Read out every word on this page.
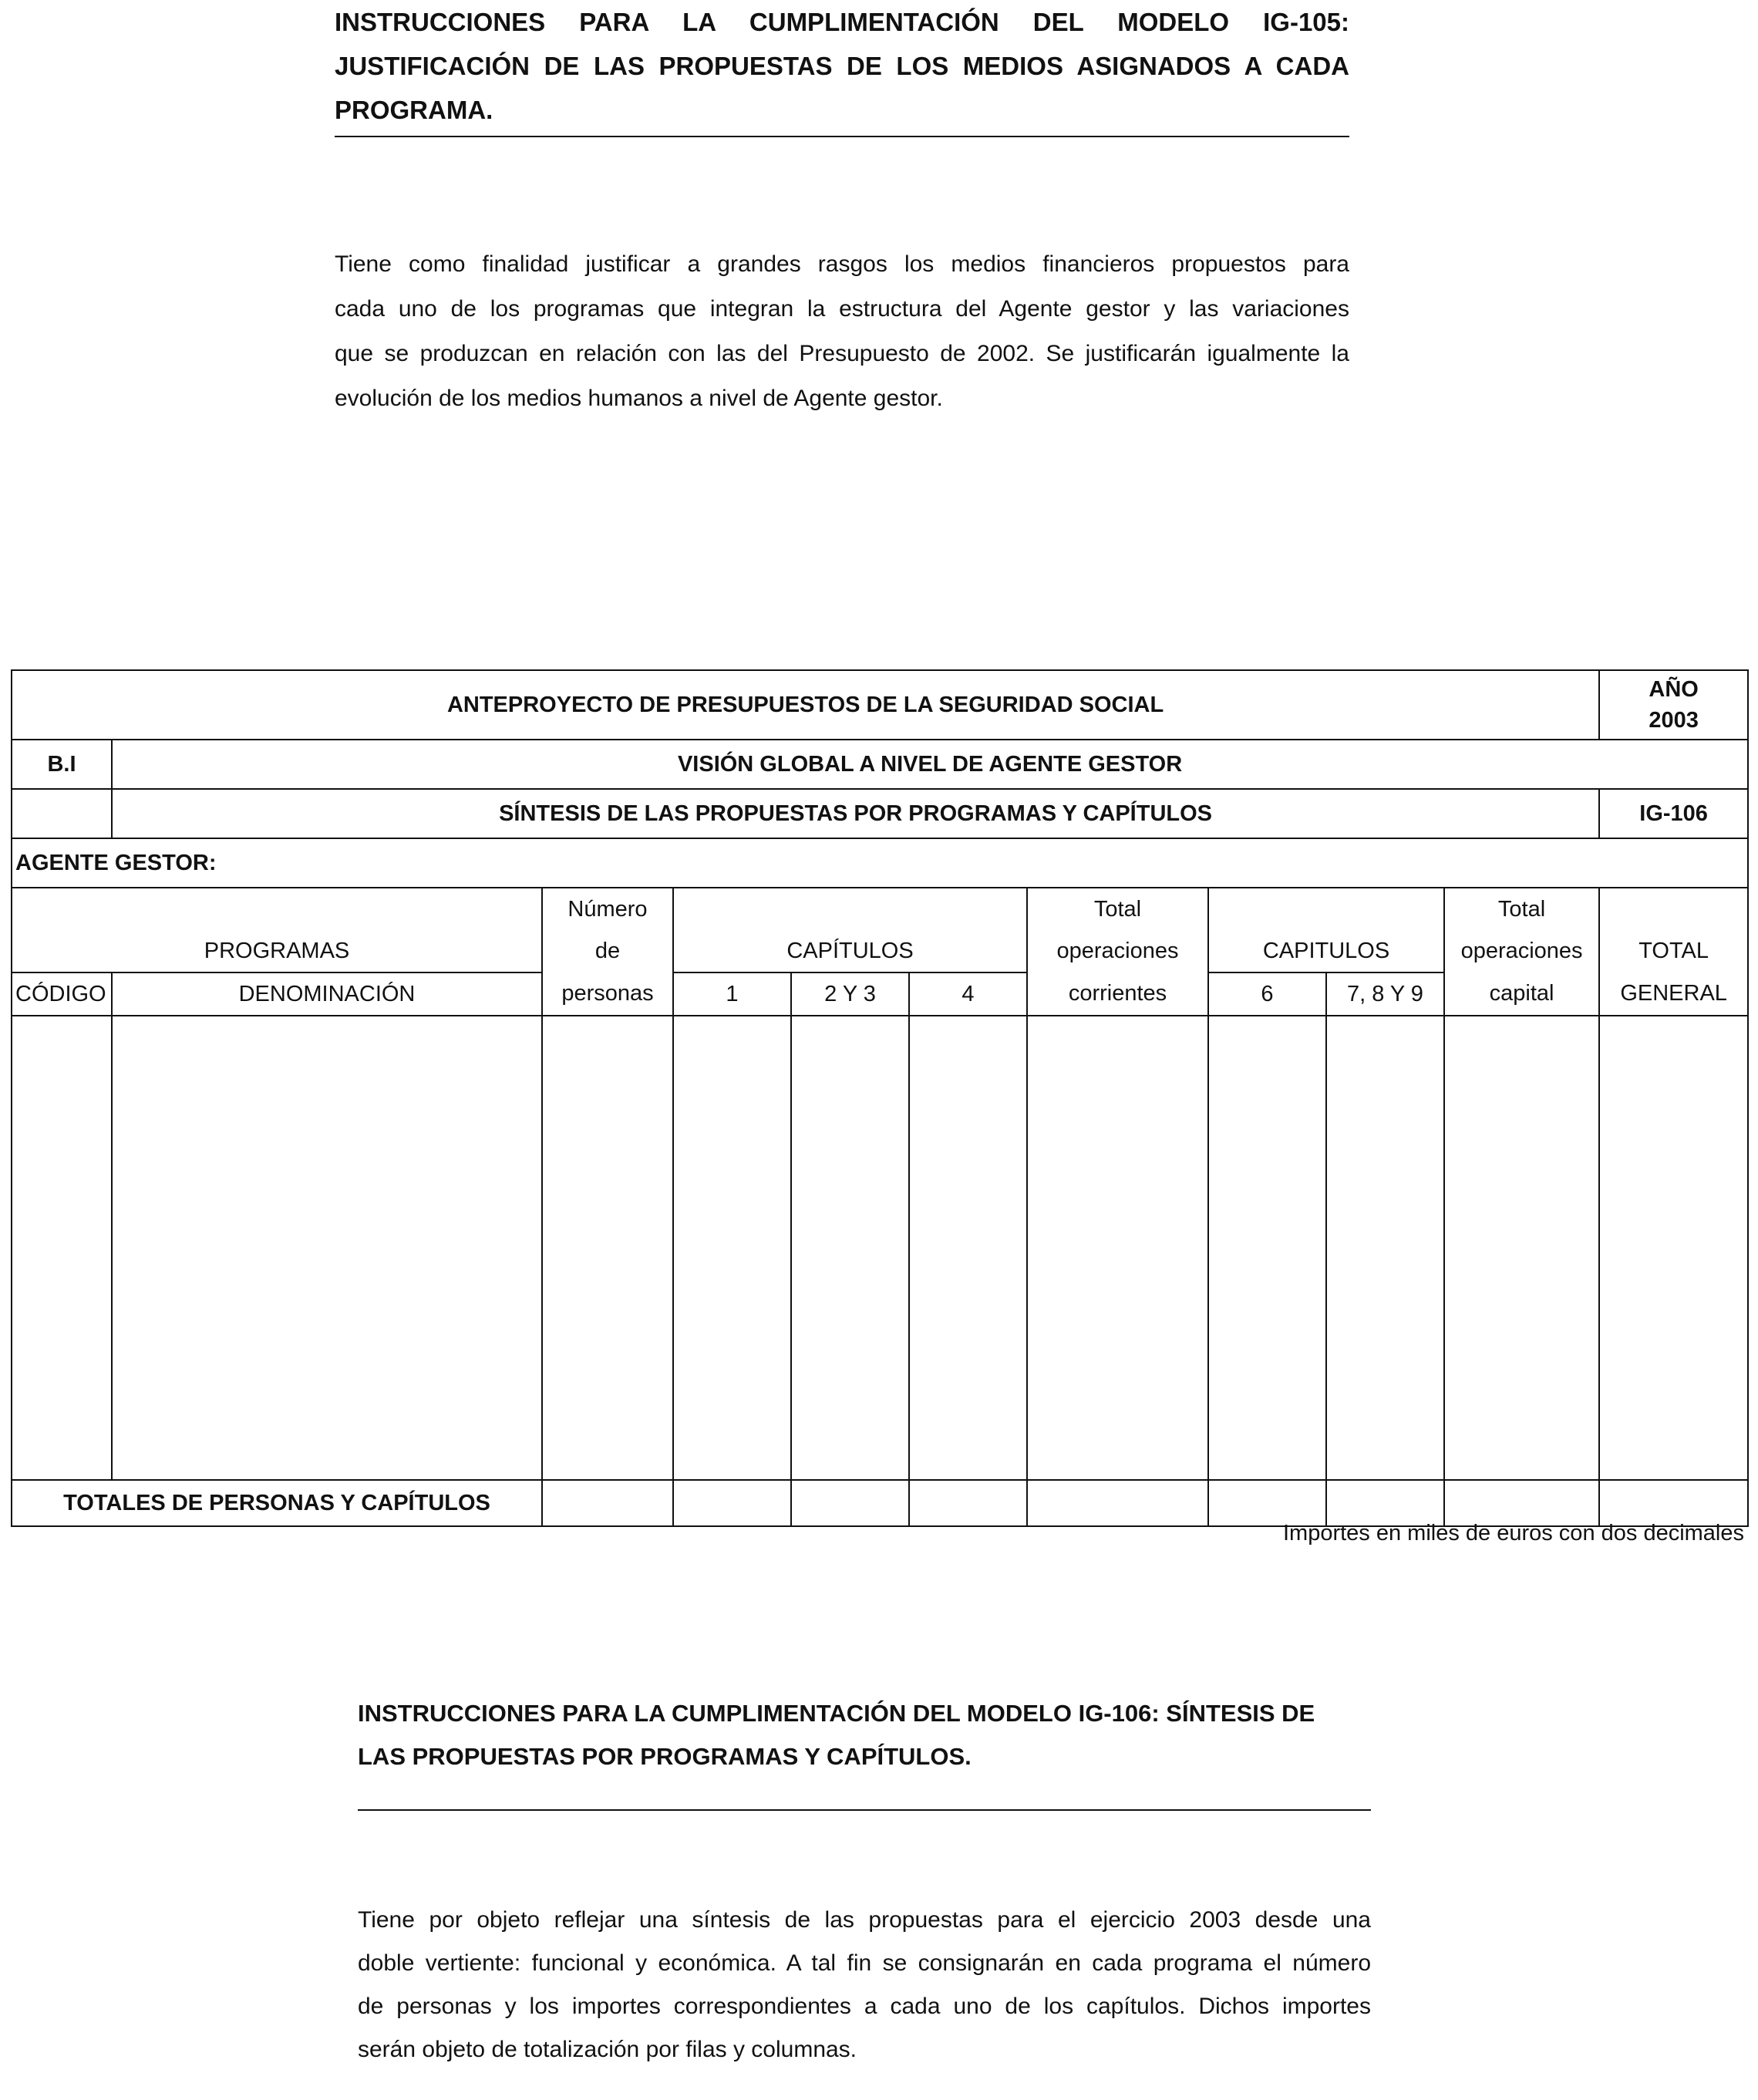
INSTRUCCIONES PARA LA CUMPLIMENTACIÓN DEL MODELO IG-105:
JUSTIFICACIÓN DE LAS PROPUESTAS DE LOS MEDIOS ASIGNADOS A CADA
PROGRAMA.
Tiene como finalidad justificar a grandes rasgos los medios financieros propuestos para
cada uno de los programas que integran la estructura del Agente gestor y las variaciones
que se produzcan en relación con las del Presupuesto de 2002. Se justificarán igualmente la
evolución de los medios humanos a nivel de Agente gestor.
ANTEPROYECTO DE PRESUPUESTOS DE LA SEGURIDAD SOCIAL										AÑO
2003

B.I	VISIÓN GLOBAL A NIVEL DE AGENTE GESTOR									
	SÍNTESIS DE LAS PROPUESTAS POR PROGRAMAS Y CAPÍTULOS									IG-106
AGENTE GESTOR:										
		Número				Total			Total	
PROGRAMAS		de	CAPÍTULOS			operaciones	CAPITULOS		operaciones	TOTAL
CÓDIGO	DENOMINACIÓN	personas	1	2 Y 3	4	corrientes	6	7, 8 Y 9	capital	GENERAL

TOTALES DE PERSONAS Y CAPÍTULOS										
Importes en miles de euros con dos decimales
INSTRUCCIONES PARA LA CUMPLIMENTACIÓN DEL MODELO IG-106: SÍNTESIS DE
LAS PROPUESTAS POR PROGRAMAS Y CAPÍTULOS.
Tiene por objeto reflejar una síntesis de las propuestas para el ejercicio 2003 desde una
doble vertiente: funcional y económica. A tal fin se consignarán en cada programa el número
de personas y los importes correspondientes a cada uno de los capítulos. Dichos importes
serán objeto de totalización por filas y columnas.
